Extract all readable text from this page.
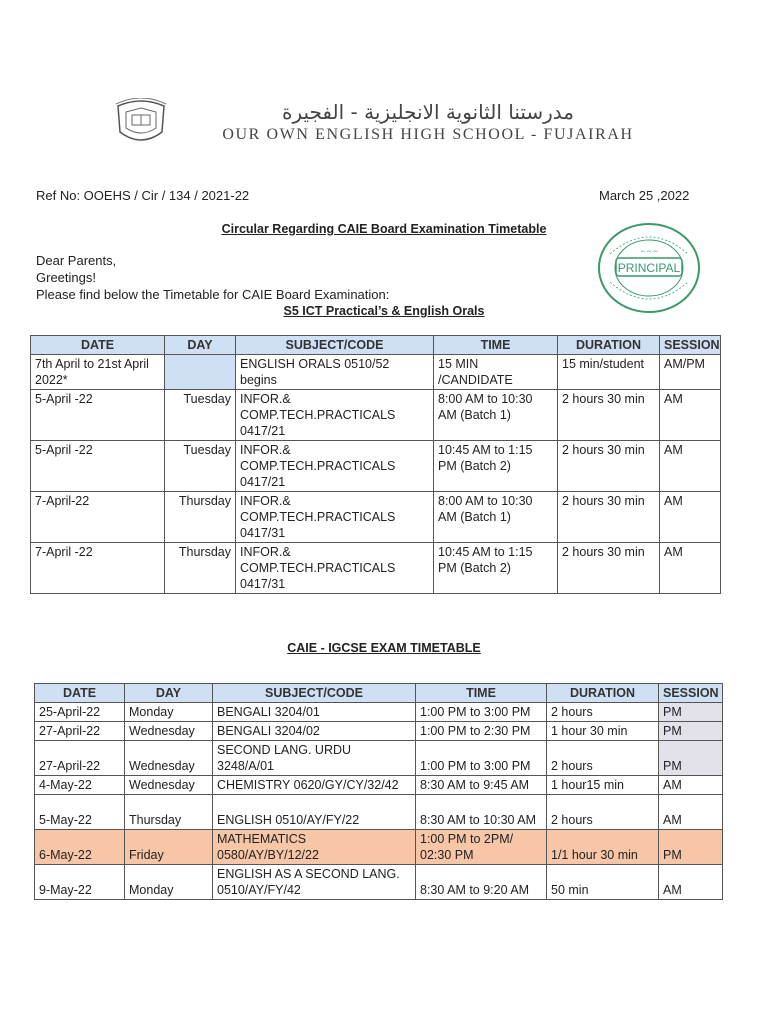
مدرستنا الثانوية الانجليزية - الفجيرة
OUR OWN ENGLISH HIGH SCHOOL - FUJAIRAH
Ref No: OOEHS / Cir / 134 / 2021-22	March 25 ,2022
Circular Regarding CAIE Board Examination Timetable
Dear Parents,
Greetings!
Please find below the Timetable for CAIE Board Examination:
PRINCIPAL
~ ~ ~
S5 ICT Practical’s & English Orals
DATE	DAY	SUBJECT/CODE	TIME	DURATION	SESSION
7th April to 21st April 2022*		ENGLISH ORALS 0510/52 begins	15 MIN /CANDIDATE	15 min/student	AM/PM
5-April -22	Tuesday	INFOR.& COMP.TECH.PRACTICALS 0417/21	8:00 AM to 10:30 AM (Batch 1)	2 hours 30 min	AM
5-April -22	Tuesday	INFOR.& COMP.TECH.PRACTICALS 0417/21	10:45 AM to 1:15 PM (Batch 2)	2 hours 30 min	AM
7-April-22	Thursday	INFOR.& COMP.TECH.PRACTICALS 0417/31	8:00 AM to 10:30 AM (Batch 1)	2 hours 30 min	AM
7-April -22	Thursday	INFOR.& COMP.TECH.PRACTICALS 0417/31	10:45 AM to 1:15 PM (Batch 2)	2 hours 30 min	AM
CAIE - IGCSE EXAM TIMETABLE
DATE	DAY	SUBJECT/CODE	TIME	DURATION	SESSION
25-April-22	Monday	BENGALI 3204/01	1:00 PM to 3:00 PM	2 hours	PM
27-April-22	Wednesday	BENGALI 3204/02	1:00 PM to 2:30 PM	1 hour 30 min	PM
27-April-22	Wednesday	SECOND LANG. URDU 3248/A/01	1:00 PM to 3:00 PM	2 hours	PM
4-May-22	Wednesday	CHEMISTRY 0620/GY/CY/32/42	8:30 AM to 9:45 AM	1 hour15 min	AM
5-May-22	Thursday	ENGLISH 0510/AY/FY/22	8:30 AM to 10:30 AM	2 hours	AM
6-May-22	Friday	MATHEMATICS 0580/AY/BY/12/22	1:00 PM to 2PM/ 02:30 PM	1/1 hour 30 min	PM
9-May-22	Monday	ENGLISH AS A SECOND LANG. 0510/AY/FY/42	8:30 AM to 9:20 AM	50 min	AM
